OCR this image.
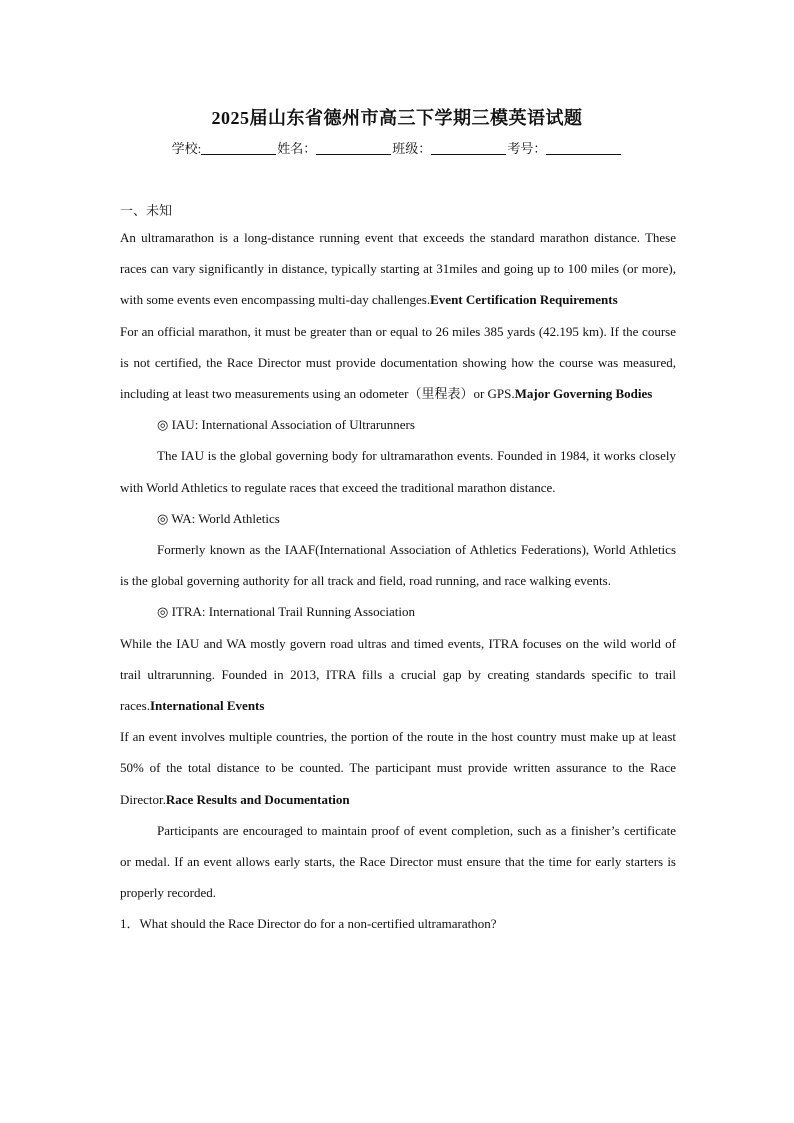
2025届山东省德州市高三下学期三模英语试题
学校:	姓名：	班级：	考号：

一、未知

An ultramarathon is a long-distance running event that exceeds the standard marathon distance. These races can vary significantly in distance, typically starting at 31miles and going up to 100 miles (or more), with some events even encompassing multi-day challenges.Event Certification Requirements

For an official marathon, it must be greater than or equal to 26 miles 385 yards (42.195 km). If the course is not certified, the Race Director must provide documentation showing how the course was measured, including at least two measurements using an odometer（里程表）or GPS.Major Governing Bodies

◎ IAU: International Association of Ultrarunners

The IAU is the global governing body for ultramarathon events. Founded in 1984, it works closely with World Athletics to regulate races that exceed the traditional marathon distance.

◎ WA: World Athletics

Formerly known as the IAAF(International Association of Athletics Federations), World Athletics is the global governing authority for all track and field, road running, and race walking events.

◎ ITRA: International Trail Running Association

While the IAU and WA mostly govern road ultras and timed events, ITRA focuses on the wild world of trail ultrarunning. Founded in 2013, ITRA fills a crucial gap by creating standards specific to trail races.International Events

If an event involves multiple countries, the portion of the route in the host country must make up at least 50% of the total distance to be counted. The participant must provide written assurance to the Race Director.Race Results and Documentation

Participants are encouraged to maintain proof of event completion, such as a finisher’s certificate or medal. If an event allows early starts, the Race Director must ensure that the time for early starters is properly recorded.

1．What should the Race Director do for a non-certified ultramarathon?
